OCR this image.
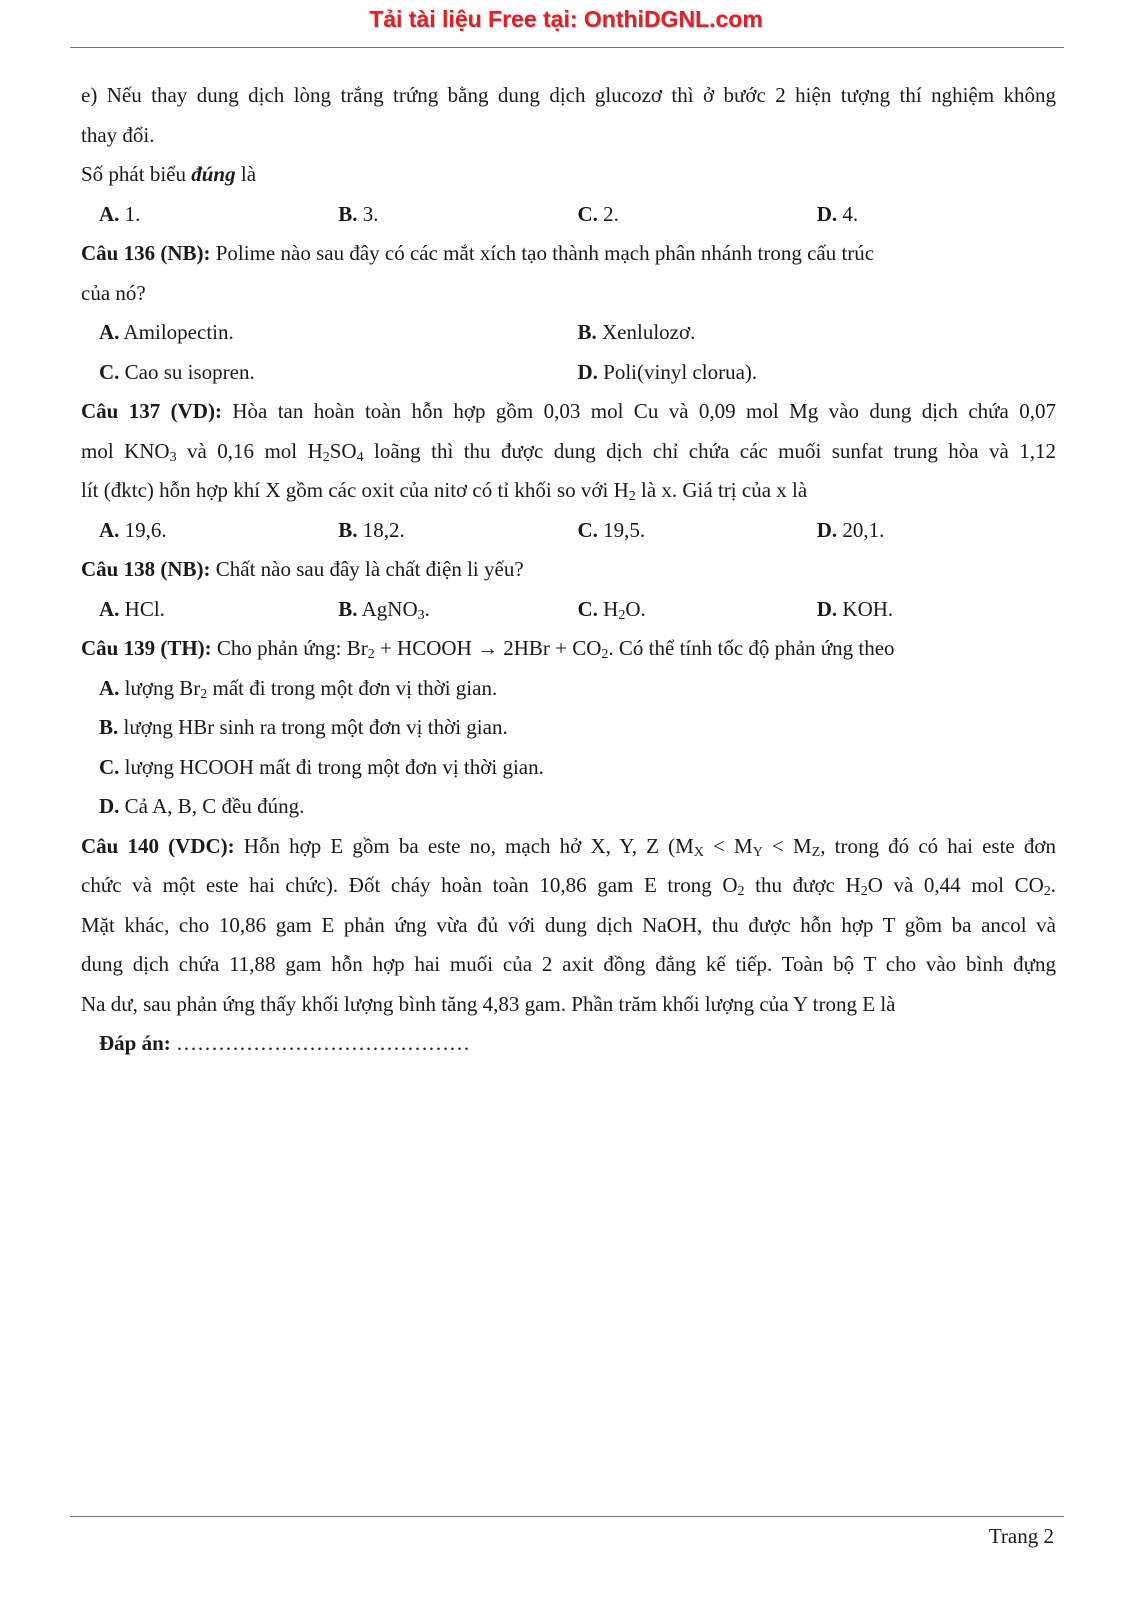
Tải tài liệu Free tại: OnthiDGNL.com
e) Nếu thay dung dịch lòng trắng trứng bằng dung dịch glucozơ thì ở bước 2 hiện tượng thí nghiệm không
thay đổi.
Số phát biểu đúng là
A. 1.	B. 3.	C. 2.	D. 4.
Câu 136 (NB): Polime nào sau đây có các mắt xích tạo thành mạch phân nhánh trong cấu trúc
của nó?
A. Amilopectin.	B. Xenlulozơ.
C. Cao su isopren.	D. Poli(vinyl clorua).
Câu 137 (VD): Hòa tan hoàn toàn hỗn hợp gồm 0,03 mol Cu và 0,09 mol Mg vào dung dịch chứa 0,07
mol $KNO_3$ và 0,16 mol $H_2SO_4$ loãng thì thu được dung dịch chỉ chứa các muối sunfat trung hòa và 1,12
lít (đktc) hỗn hợp khí X gồm các oxit của nitơ có tỉ khối so với $H_2$ là x. Giá trị của x là
A. 19,6.	B. 18,2.	C. 19,5.	D. 20,1.
Câu 138 (NB): Chất nào sau đây là chất điện li yếu?
A. HCl.	B. AgNO$_3$.	C. $H_2O$.	D. KOH.
Câu 139 (TH): Cho phản ứng: $Br_2$ + HCOOH → $2HBr + CO_2$. Có thể tính tốc độ phản ứng theo
A. lượng $Br_2$ mất đi trong một đơn vị thời gian.
B. lượng HBr sinh ra trong một đơn vị thời gian.
C. lượng HCOOH mất đi trong một đơn vị thời gian.
D. Cả A, B, C đều đúng.
Câu 140 (VDC): Hỗn hợp E gồm ba este no, mạch hở X, Y, Z ($M_X < M_Y < M_Z$, trong đó có hai este đơn
chức và một este hai chức). Đốt cháy hoàn toàn 10,86 gam E trong $O_2$ thu được $H_2O$ và 0,44 mol $CO_2$.
Mặt khác, cho 10,86 gam E phản ứng vừa đủ với dung dịch NaOH, thu được hỗn hợp T gồm ba ancol và
dung dịch chứa 11,88 gam hỗn hợp hai muối của 2 axit đồng đẳng kế tiếp. Toàn bộ T cho vào bình đựng
Na dư, sau phản ứng thấy khối lượng bình tăng 4,83 gam. Phần trăm khối lượng của Y trong E là
Đáp án: ……………………………………
Trang 2
